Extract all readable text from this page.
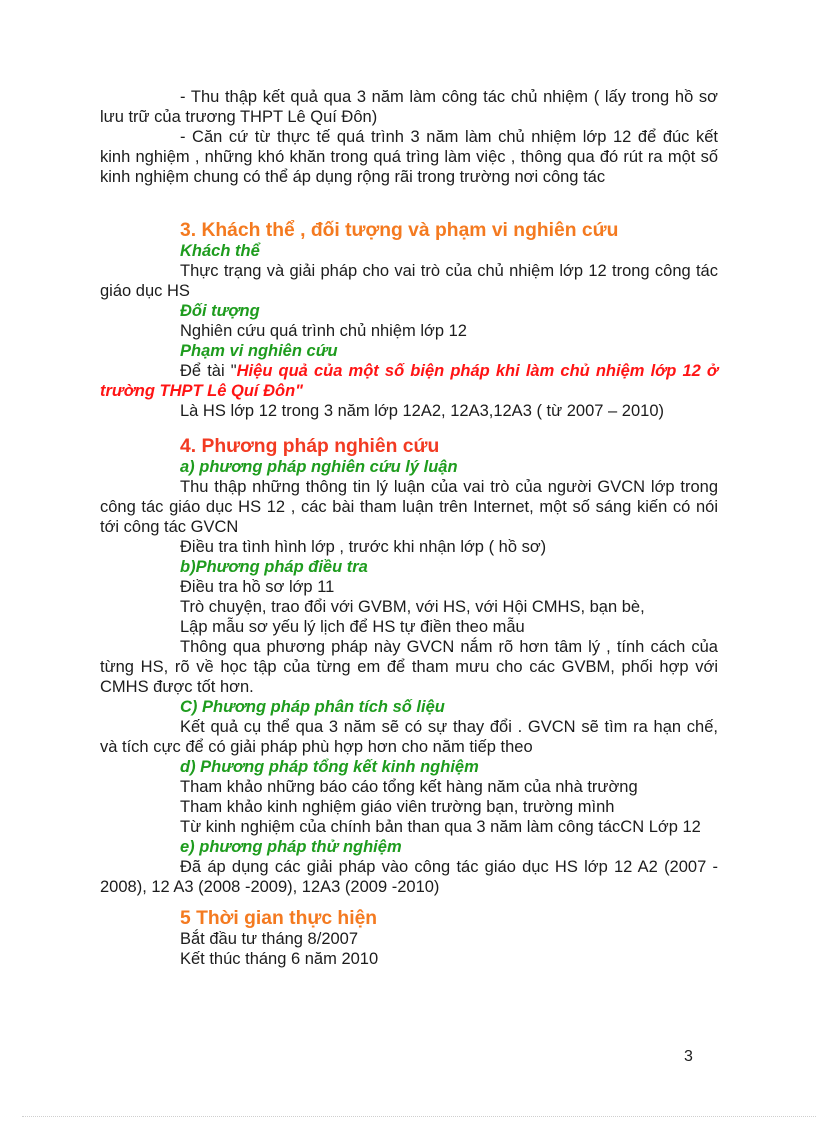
- Thu thập kết quả qua 3 năm làm công tác chủ nhiệm ( lấy trong hồ sơ lưu trữ của trương THPT Lê Quí Đôn)

- Căn cứ từ thực tế quá trình 3 năm làm chủ nhiệm lớp 12 để đúc kết kinh nghiệm , những khó khăn trong quá trìng làm việc , thông qua đó rút ra một số kinh nghiệm chung có thể áp dụng rộng rãi trong trường nơi công tác

3. Khách thể , đối tượng và phạm vi nghiên cứu
Khách thể

Thực trạng và giải pháp cho vai trò của chủ nhiệm lớp 12 trong công tác giáo dục HS

Đối tượng

Nghiên cứu quá trình chủ nhiệm lớp 12

Phạm vi nghiên cứu

Để tài "Hiệu quả của một số biện pháp khi làm chủ nhiệm lớp 12 ở trường THPT Lê Quí Đôn"

Là HS lớp 12 trong 3 năm lớp 12A2, 12A3,12A3 ( từ 2007 – 2010)

4. Phương pháp nghiên cứu
a) phương pháp nghiên cứu lý luận

Thu thập những thông tin lý luận của vai trò của người GVCN lớp trong công tác giáo dục HS 12 , các bài tham luận trên Internet, một số sáng kiến có nói tới công tác GVCN

Điều tra tình hình lớp , trước khi nhận lớp ( hồ sơ)

b)Phương pháp điều tra

Điều tra hồ sơ lớp 11

Trò chuyện, trao đổi với GVBM, với HS, với Hội CMHS, bạn bè,

Lập mẫu sơ yếu lý lịch để HS tự điền theo mẫu

Thông qua phương pháp này GVCN nắm rõ hơn tâm lý , tính cách của từng HS, rõ về học tập của từng em để tham mưu cho các GVBM, phối hợp với CMHS được tốt hơn.

C) Phương pháp phân tích số liệu

Kết quả cụ thể qua 3 năm sẽ có sự thay đổi . GVCN sẽ tìm ra hạn chế, và tích cực để có giải pháp phù hợp hơn cho năm tiếp theo

d) Phương pháp tổng kết kinh nghiệm

Tham khảo những báo cáo tổng kết hàng năm của nhà trường

Tham khảo kinh nghiệm giáo viên trường bạn, trường mình

Từ kinh nghiệm của chính bản than qua 3 năm làm công tácCN Lớp 12

e) phương pháp thử nghiệm

Đã áp dụng các giải pháp vào công tác giáo dục HS lớp 12 A2 (2007 - 2008), 12 A3 (2008 -2009), 12A3 (2009 -2010)

5 Thời gian thực hiện

Bắt đầu tư tháng 8/2007

Kết thúc tháng 6 năm 2010

3
